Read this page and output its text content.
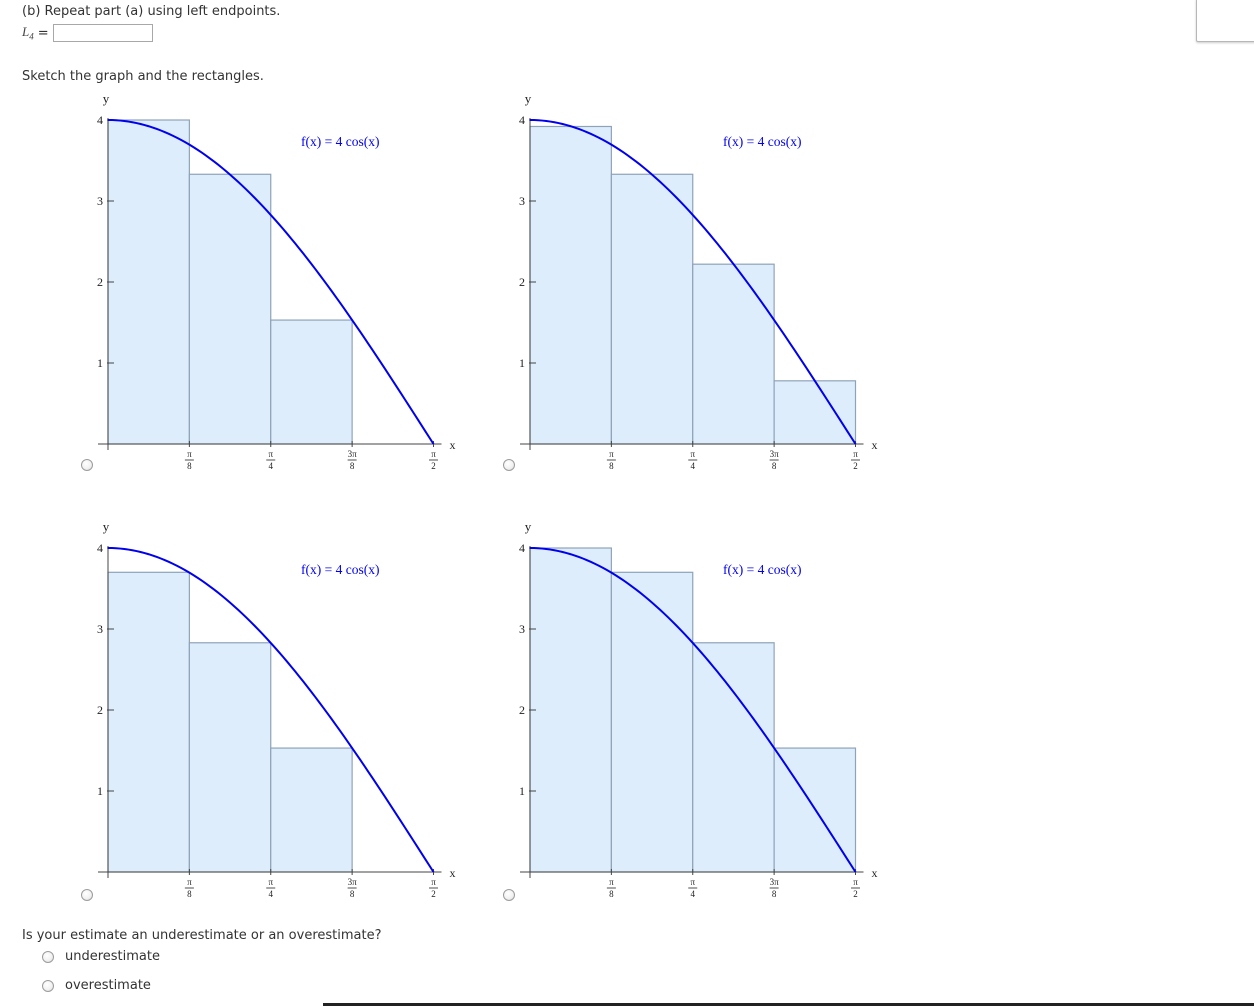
(b) Repeat part (a) using left endpoints.
$L_4$ =
Sketch the graph and the rectangles.
1
2
3
4
π
8
π
4
3π
8
π
2
x
y
f(x) = 4 cos(x)
1
2
3
4
π
8
π
4
3π
8
π
2
x
y
f(x) = 4 cos(x)
1
2
3
4
π
8
π
4
3π
8
π
2
x
y
f(x) = 4 cos(x)
1
2
3
4
π
8
π
4
3π
8
π
2
x
y
f(x) = 4 cos(x)
Is your estimate an underestimate or an overestimate?
underestimate
overestimate
